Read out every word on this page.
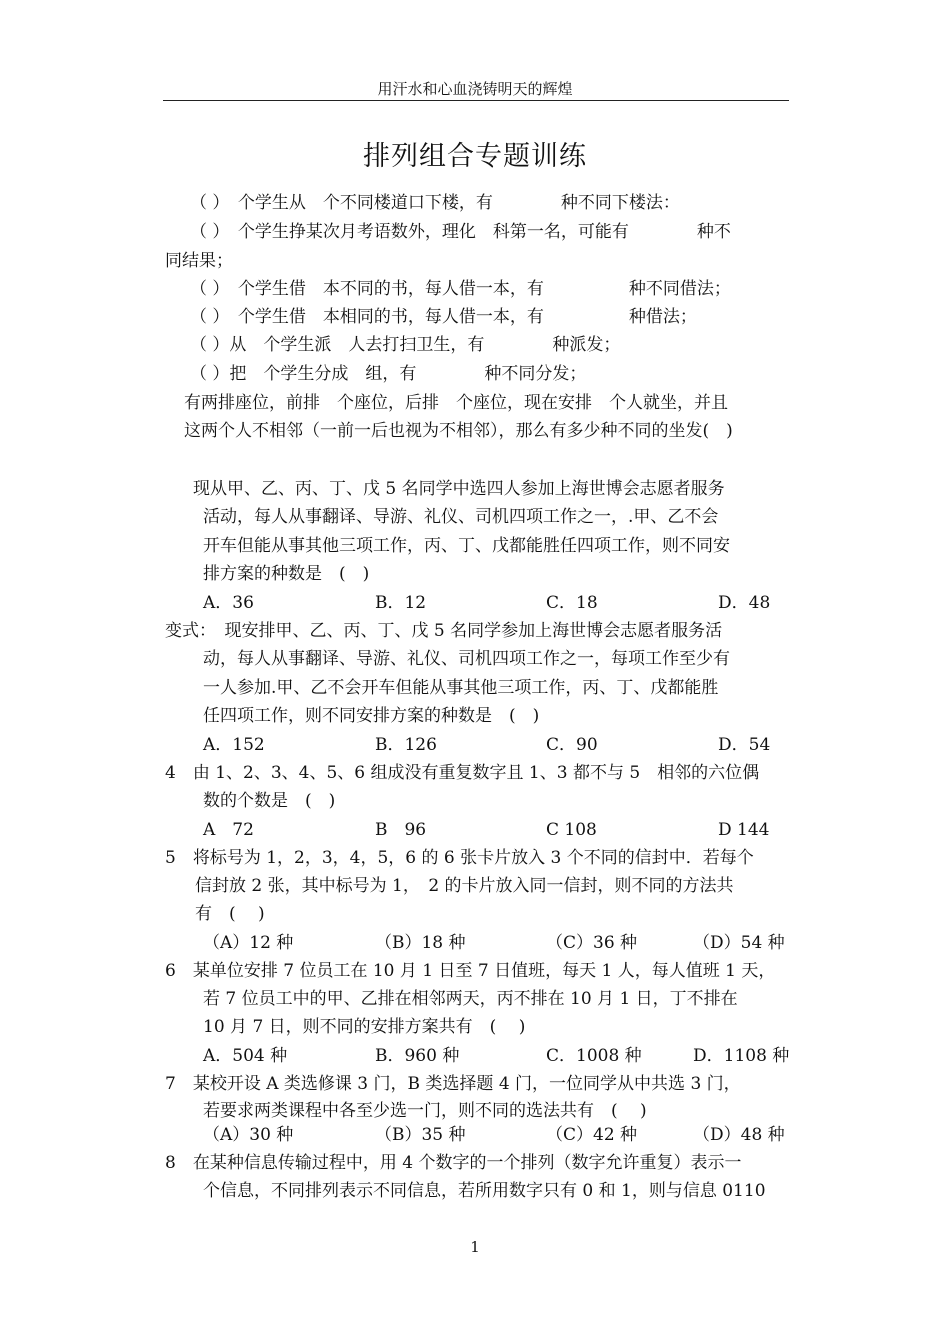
用汗水和心血浇铸明天的辉煌
排列组合专题训练
（ ）　个学生从　个不同楼道口下楼，有　　　　种不同下楼法：
（ ）　个学生挣某次月考语数外，理化　科第一名，可能有　　　　种不
同结果；
（ ）　个学生借　本不同的书，每人借一本，有　　　　　种不同借法；
（ ）　个学生借　本相同的书，每人借一本，有　　　　　种借法；
（ ）从　个学生派　人去打扫卫生，有　　　　种派发；
（ ）把　个学生分成　组，有　　　　种不同分发；
有两排座位，前排　个座位，后排　个座位，现在安排　个人就坐，并且
这两个人不相邻（一前一后也视为不相邻），那么有多少种不同的坐发(　)
现从甲、乙、丙、丁、戊 5 名同学中选四人参加上海世博会志愿者服务
活动，每人从事翻译、导游、礼仪、司机四项工作之一，.甲、乙不会
开车但能从事其他三项工作，丙、丁、戊都能胜任四项工作，则不同安
排方案的种数是　(　)
A．36	B．12	C．18	D．48
变式：　现安排甲、乙、丙、丁、戊 5 名同学参加上海世博会志愿者服务活
动，每人从事翻译、导游、礼仪、司机四项工作之一，每项工作至少有
一人参加.甲、乙不会开车但能从事其他三项工作，丙、丁、戊都能胜
任四项工作，则不同安排方案的种数是　(　)
A．152	B．126	C．90	D．54
4　由 1、2、3、4、5、6 组成没有重复数字且 1、3 都不与 5　相邻的六位偶
数的个数是　(　)
A　72	B　96	C 108	D 144
5　将标号为 1，2，3，4，5，6 的 6 张卡片放入 3 个不同的信封中．若每个
信封放 2 张，其中标号为 1，　2 的卡片放入同一信封，则不同的方法共
有　(　 )
（A）12 种	（B）18 种	（C）36 种	（D）54 种
6　某单位安排 7 位员工在 10 月 1 日至 7 日值班，每天 1 人，每人值班 1 天，
若 7 位员工中的甲、乙排在相邻两天，丙不排在 10 月 1 日，丁不排在
10 月 7 日，则不同的安排方案共有　(　 )
A．504 种	B．960 种	C．1008 种	D．1108 种
7　某校开设 A 类选修课 3 门，B 类选择题 4 门，一位同学从中共选 3 门，
若要求两类课程中各至少选一门，则不同的选法共有　(　 )
（A）30 种	（B）35 种	（C）42 种	（D）48 种
8　在某种信息传输过程中，用 4 个数字的一个排列（数字允许重复）表示一
个信息，不同排列表示不同信息，若所用数字只有 0 和 1，则与信息 0110
1
